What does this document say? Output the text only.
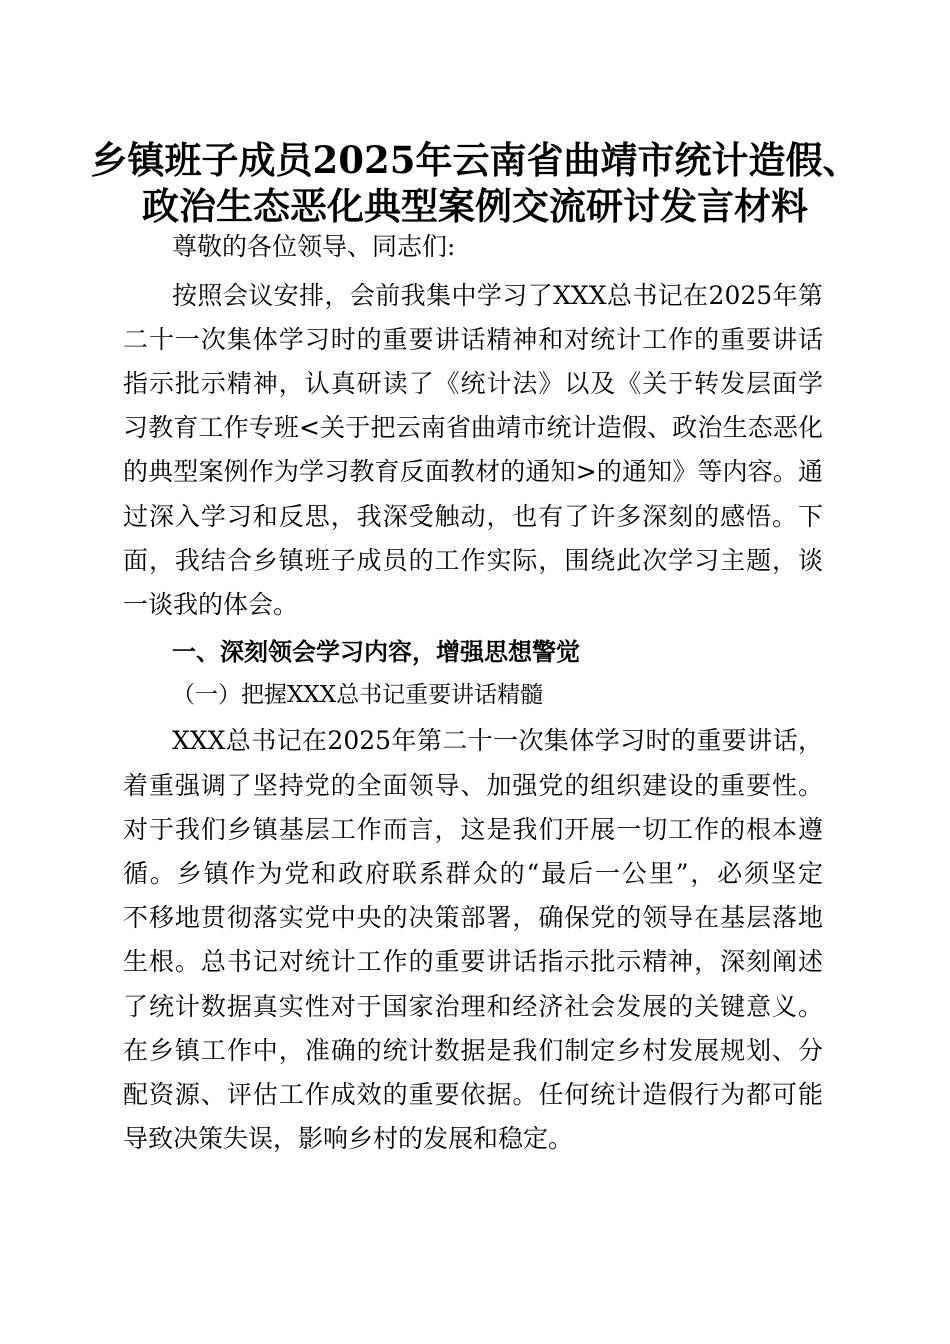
乡镇班子成员2025年云南省曲靖市统计造假、
政治生态恶化典型案例交流研讨发言材料
尊敬的各位领导、同志们:
按照会议安排，会前我集中学习了XXX总书记在2025年第
二十一次集体学习时的重要讲话精神和对统计工作的重要讲话
指示批示精神，认真研读了《统计法》以及《关于转发层面学
习教育工作专班<关于把云南省曲靖市统计造假、政治生态恶化
的典型案例作为学习教育反面教材的通知>的通知》等内容。通
过深入学习和反思，我深受触动，也有了许多深刻的感悟。下
面，我结合乡镇班子成员的工作实际，围绕此次学习主题，谈
一谈我的体会。
一、深刻领会学习内容，增强思想警觉
（一）把握XXX总书记重要讲话精髓
XXX总书记在2025年第二十一次集体学习时的重要讲话，
着重强调了坚持党的全面领导、加强党的组织建设的重要性。
对于我们乡镇基层工作而言，这是我们开展一切工作的根本遵
循。乡镇作为党和政府联系群众的“最后一公里”，必须坚定
不移地贯彻落实党中央的决策部署，确保党的领导在基层落地
生根。总书记对统计工作的重要讲话指示批示精神，深刻阐述
了统计数据真实性对于国家治理和经济社会发展的关键意义。
在乡镇工作中，准确的统计数据是我们制定乡村发展规划、分
配资源、评估工作成效的重要依据。任何统计造假行为都可能
导致决策失误，影响乡村的发展和稳定。
